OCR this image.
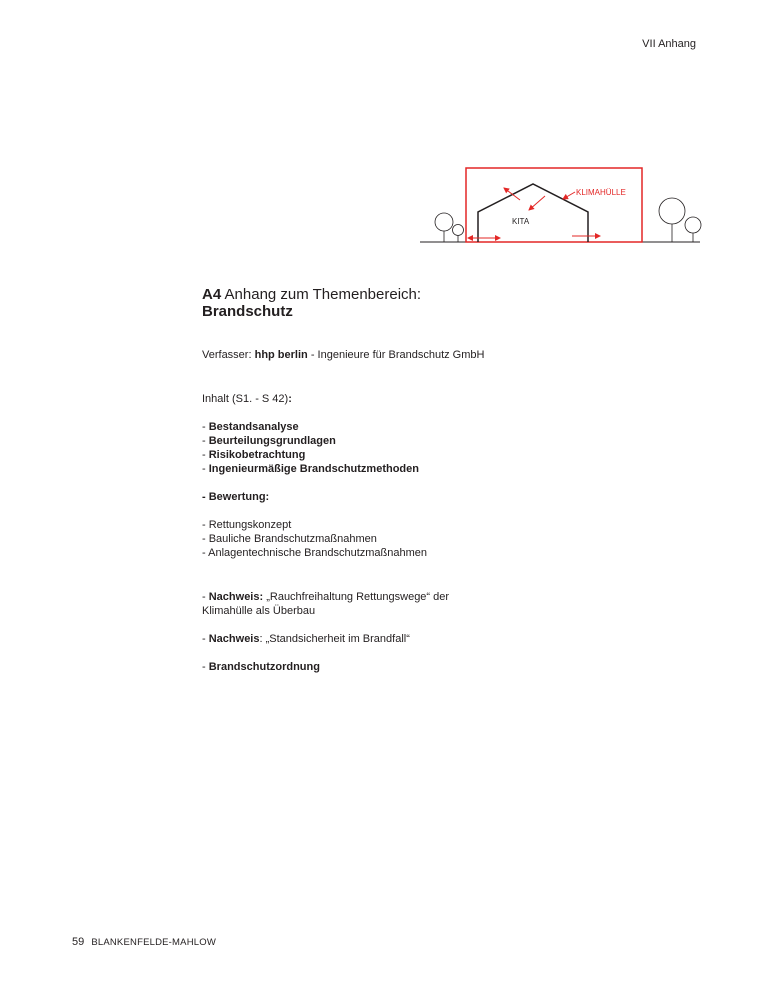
VII Anhang
KLIMAHÜLLE
KITA
A4 Anhang zum Themenbereich:
Brandschutz
Verfasser: hhp berlin - Ingenieure für Brandschutz GmbH
Inhalt (S1. - S 42):
- Bestandsanalyse
- Beurteilungsgrundlagen
- Risikobetrachtung
- Ingenieurmäßige Brandschutzmethoden
- Bewertung:
- Rettungskonzept
- Bauliche Brandschutzmaßnahmen
- Anlagentechnische Brandschutzmaßnahmen
- Nachweis: „Rauchfreihaltung Rettungswege“ der
Klimahülle als Überbau
- Nachweis: „Standsicherheit im Brandfall“
- Brandschutzordnung
59 BLANKENFELDE-MAHLOW
